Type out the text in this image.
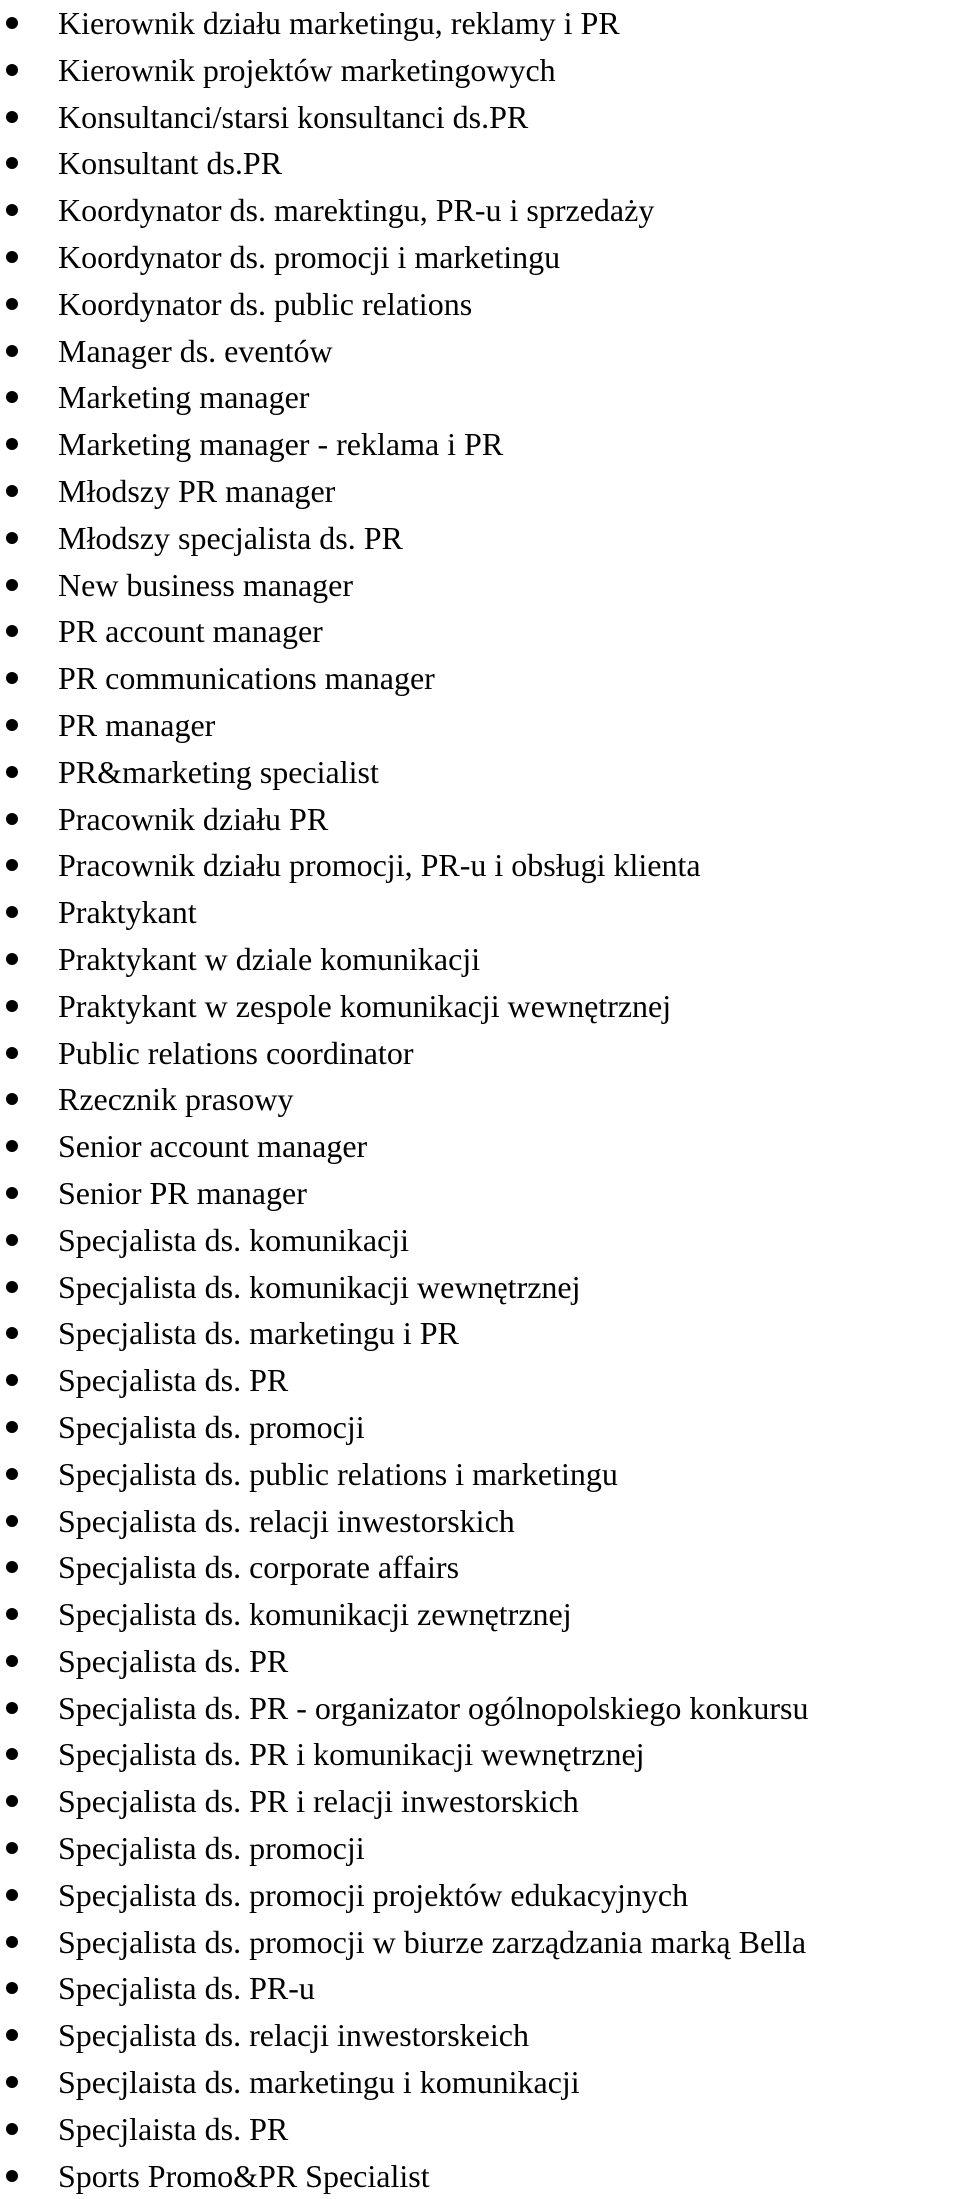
Kierownik działu marketingu, reklamy i PR
Kierownik projektów marketingowych
Konsultanci/starsi konsultanci ds.PR
Konsultant ds.PR
Koordynator ds. marektingu, PR-u i sprzedaży
Koordynator ds. promocji i marketingu
Koordynator ds. public relations
Manager ds. eventów
Marketing manager
Marketing manager - reklama i PR
Młodszy PR manager
Młodszy specjalista ds. PR
New business manager
PR account manager
PR communications manager
PR manager
PR&marketing specialist
Pracownik działu PR
Pracownik działu promocji, PR-u i obsługi klienta
Praktykant
Praktykant w dziale komunikacji
Praktykant w zespole komunikacji wewnętrznej
Public relations coordinator
Rzecznik prasowy
Senior account manager
Senior PR manager
Specjalista ds. komunikacji
Specjalista ds. komunikacji wewnętrznej
Specjalista ds. marketingu i PR
Specjalista ds. PR
Specjalista ds. promocji
Specjalista ds. public relations i marketingu
Specjalista ds. relacji inwestorskich
Specjalista ds. corporate affairs
Specjalista ds. komunikacji zewnętrznej
Specjalista ds. PR
Specjalista ds. PR - organizator ogólnopolskiego konkursu
Specjalista ds. PR i komunikacji wewnętrznej
Specjalista ds. PR i relacji inwestorskich
Specjalista ds. promocji
Specjalista ds. promocji projektów edukacyjnych
Specjalista ds. promocji w biurze zarządzania marką Bella
Specjalista ds. PR-u
Specjalista ds. relacji inwestorskeich
Specjlaista ds. marketingu i komunikacji
Specjlaista ds. PR
Sports Promo&PR Specialist
